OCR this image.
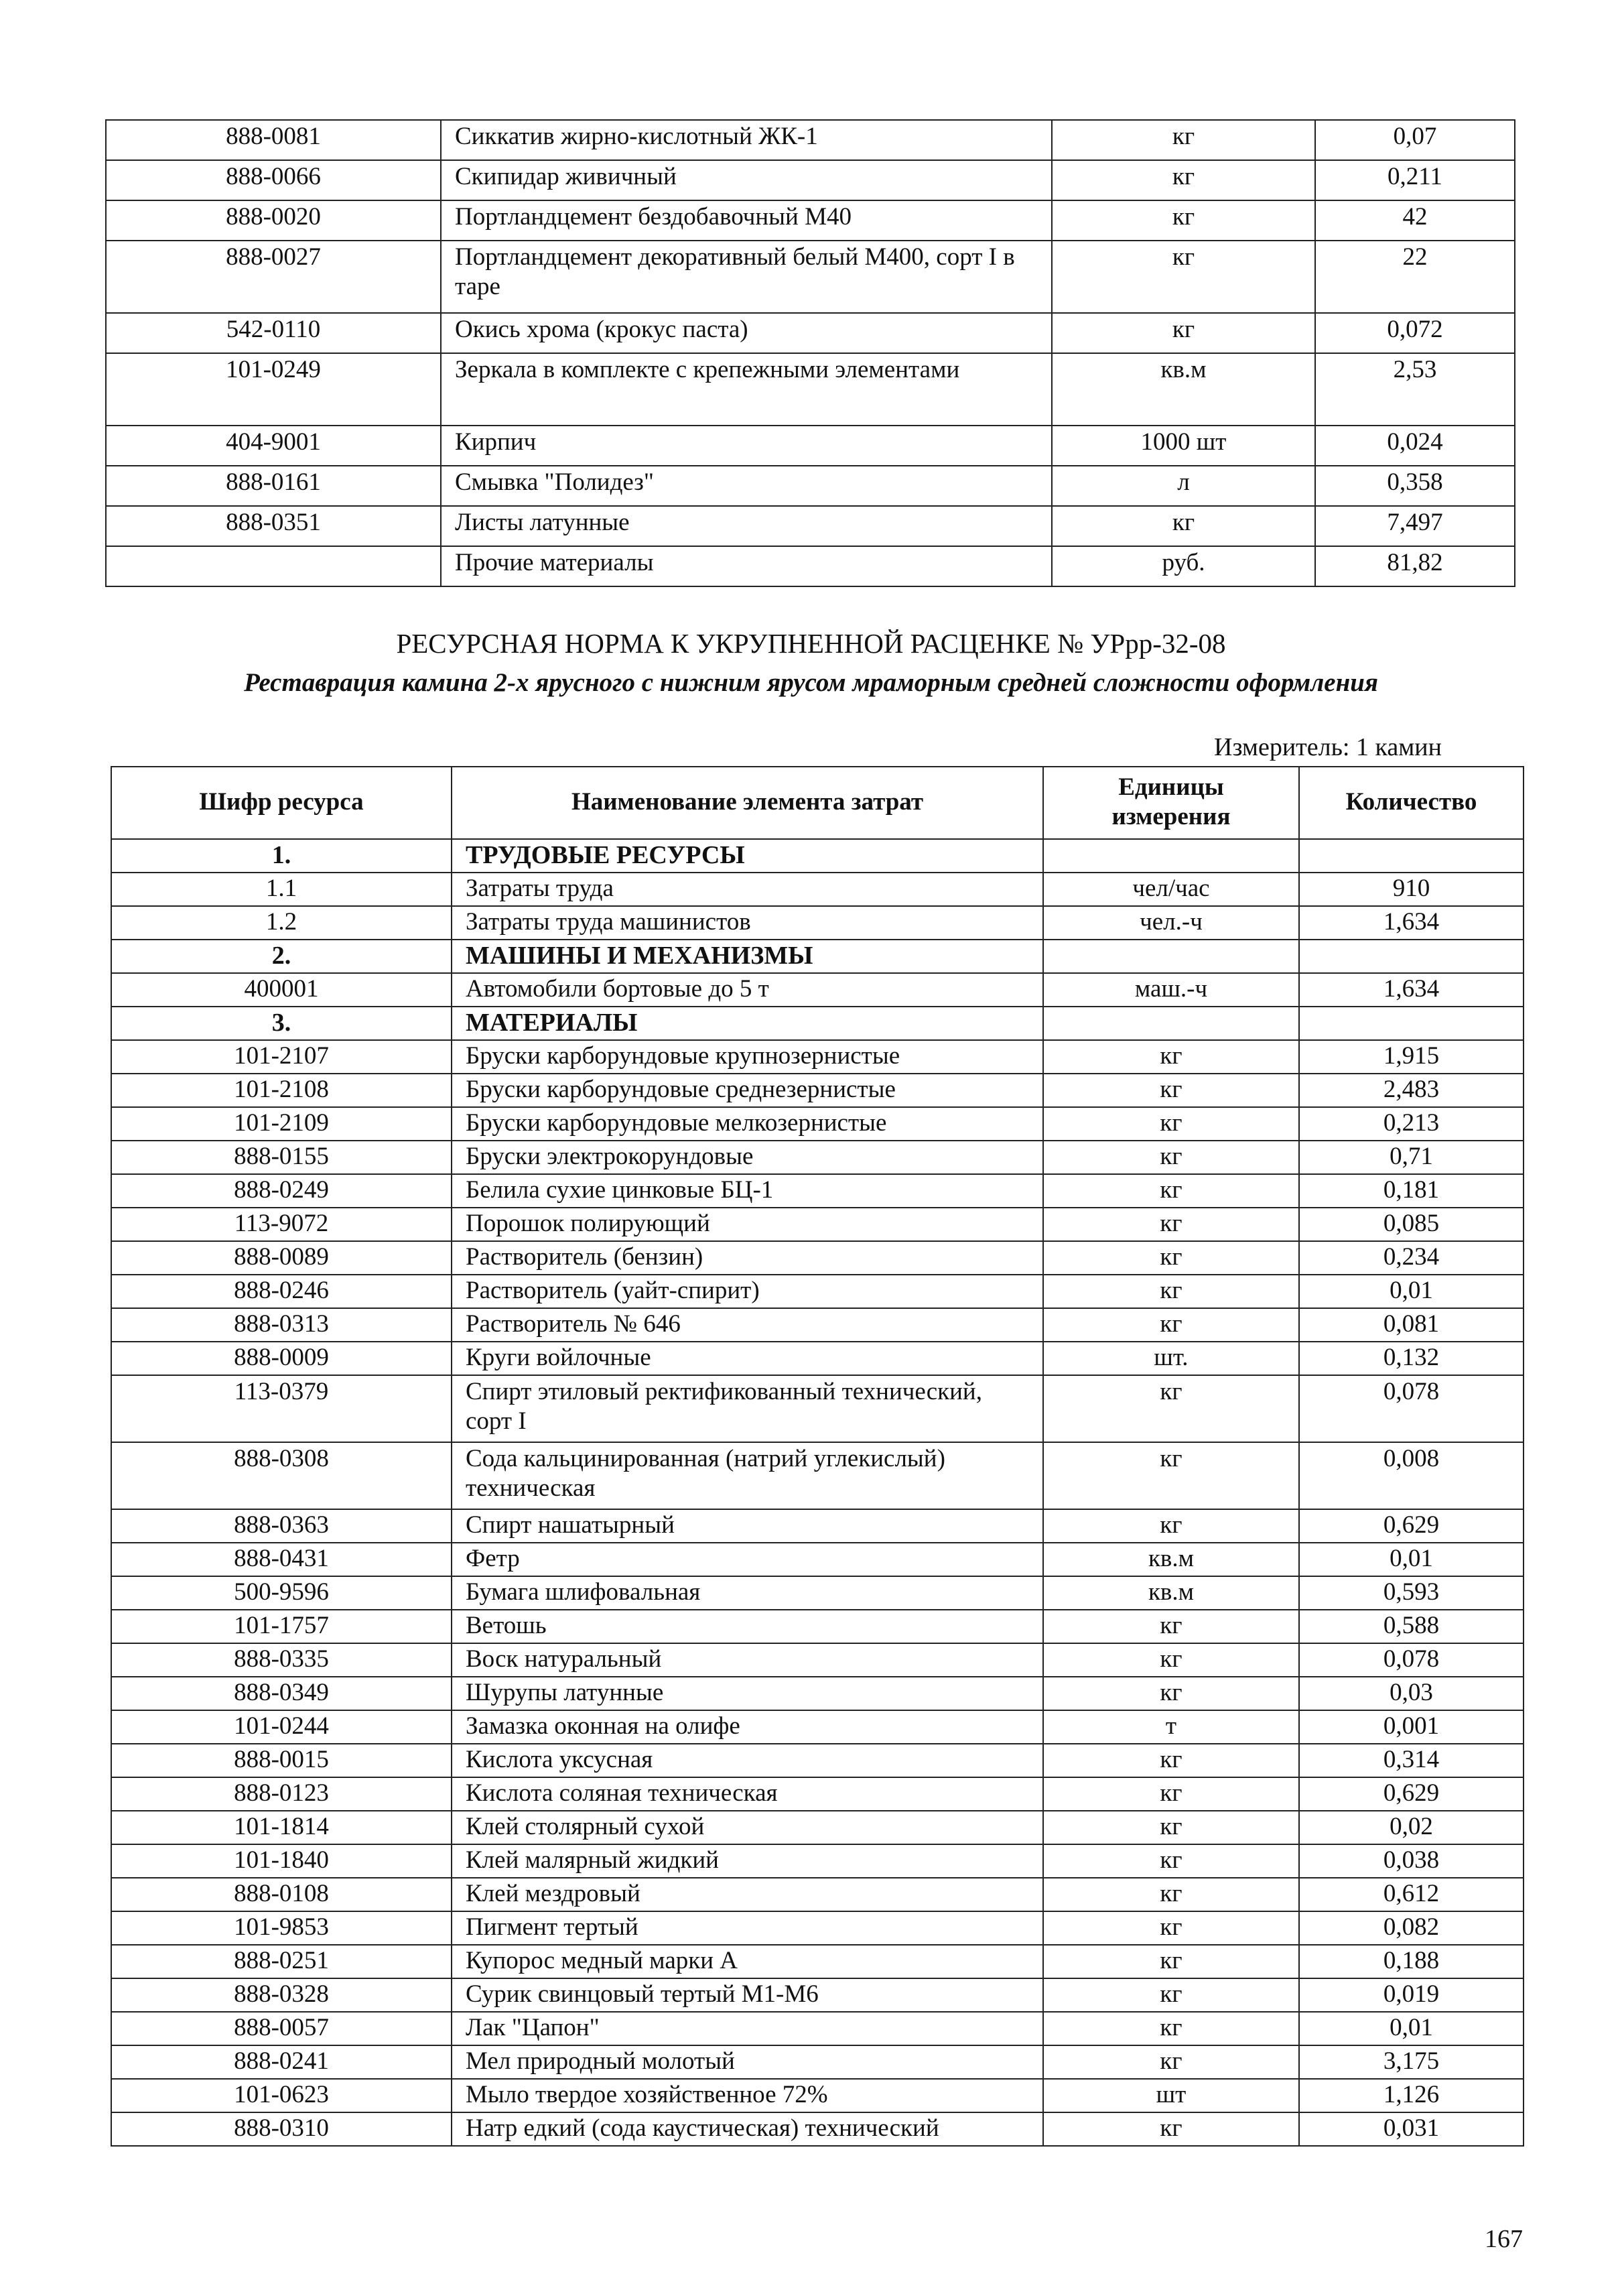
888-0081	Сиккатив жирно-кислотный ЖК-1	кг	0,07
888-0066	Скипидар живичный	кг	0,211
888-0020	Портландцемент бездобавочный М40	кг	42
888-0027	Портландцемент декоративный белый М400, сорт I в таре	кг	22
542-0110	Окись хрома (крокус паста)	кг	0,072
101-0249	Зеркала в комплекте с крепежными элементами	кв.м	2,53
404-9001	Кирпич	1000 шт	0,024
888-0161	Смывка "Полидез"	л	0,358
888-0351	Листы латунные	кг	7,497
	Прочие материалы	руб.	81,82
РЕСУРСНАЯ НОРМА К УКРУПНЕННОЙ РАСЦЕНКЕ № УРрр-32-08
Реставрация камина 2-х ярусного с нижним ярусом мраморным средней сложности оформления
Измеритель: 1 камин
Шифр ресурса	Наименование элемента затрат	Единицы измерения	Количество
1.	ТРУДОВЫЕ РЕСУРСЫ		
1.1	Затраты труда	чел/час	910
1.2	Затраты труда машинистов	чел.-ч	1,634
2.	МАШИНЫ И МЕХАНИЗМЫ		
400001	Автомобили бортовые до 5 т	маш.-ч	1,634
3.	МАТЕРИАЛЫ		
101-2107	Бруски карборундовые крупнозернистые	кг	1,915
101-2108	Бруски карборундовые среднезернистые	кг	2,483
101-2109	Бруски карборундовые мелкозернистые	кг	0,213
888-0155	Бруски электрокорундовые	кг	0,71
888-0249	Белила сухие цинковые БЦ-1	кг	0,181
113-9072	Порошок полирующий	кг	0,085
888-0089	Растворитель (бензин)	кг	0,234
888-0246	Растворитель (уайт-спирит)	кг	0,01
888-0313	Растворитель № 646	кг	0,081
888-0009	Круги войлочные	шт.	0,132
113-0379	Спирт этиловый ректификованный технический, сорт I	кг	0,078
888-0308	Сода кальцинированная (натрий углекислый) техническая	кг	0,008
888-0363	Спирт нашатырный	кг	0,629
888-0431	Фетр	кв.м	0,01
500-9596	Бумага шлифовальная	кв.м	0,593
101-1757	Ветошь	кг	0,588
888-0335	Воск натуральный	кг	0,078
888-0349	Шурупы латунные	кг	0,03
101-0244	Замазка оконная на олифе	т	0,001
888-0015	Кислота уксусная	кг	0,314
888-0123	Кислота соляная техническая	кг	0,629
101-1814	Клей столярный сухой	кг	0,02
101-1840	Клей малярный жидкий	кг	0,038
888-0108	Клей мездровый	кг	0,612
101-9853	Пигмент тертый	кг	0,082
888-0251	Купорос медный марки А	кг	0,188
888-0328	Сурик свинцовый тертый М1-М6	кг	0,019
888-0057	Лак "Цапон"	кг	0,01
888-0241	Мел природный молотый	кг	3,175
101-0623	Мыло твердое хозяйственное 72%	шт	1,126
888-0310	Натр едкий (сода каустическая) технический	кг	0,031
167
